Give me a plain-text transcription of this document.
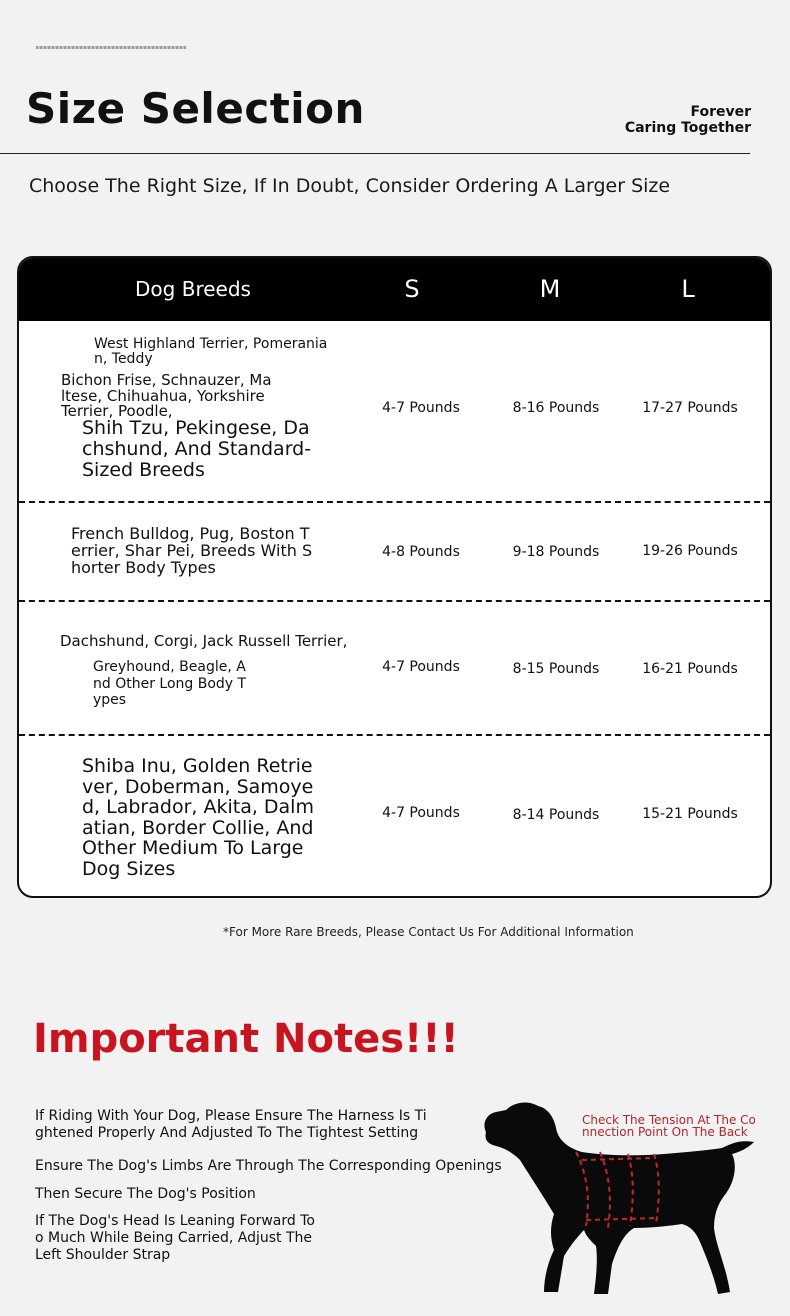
Size Selection	Forever
Caring Together
Choose The Right Size, If In Doubt, Consider Ordering A Larger Size
Dog Breeds	S	M	L
West Highland Terrier, Pomerania
n, Teddy
Bichon Frise, Schnauzer, Ma
ltese, Chihuahua, Yorkshire
Terrier, Poodle,
Shih Tzu, Pekingese, Da
chshund, And Standard-
Sized Breeds
4-7 Pounds	8-16 Pounds	17-27 Pounds
French Bulldog, Pug, Boston T
errier, Shar Pei, Breeds With S
horter Body Types
4-8 Pounds	9-18 Pounds	19-26 Pounds
Dachshund, Corgi, Jack Russell Terrier,
Greyhound, Beagle, A
nd Other Long Body T
ypes
4-7 Pounds	8-15 Pounds	16-21 Pounds
Shiba Inu, Golden Retrie
ver, Doberman, Samoye
d, Labrador, Akita, Dalm
atian, Border Collie, And
Other Medium To Large
Dog Sizes
4-7 Pounds	8-14 Pounds	15-21 Pounds
*For More Rare Breeds, Please Contact Us For Additional Information
Important Notes!!!
If Riding With Your Dog, Please Ensure The Harness Is Ti
ghtened Properly And Adjusted To The Tightest Setting
Ensure The Dog's Limbs Are Through The Corresponding Openings
Then Secure The Dog's Position
If The Dog's Head Is Leaning Forward To
o Much While Being Carried, Adjust The
Left Shoulder Strap
Check The Tension At The Co
nnection Point On The Back
